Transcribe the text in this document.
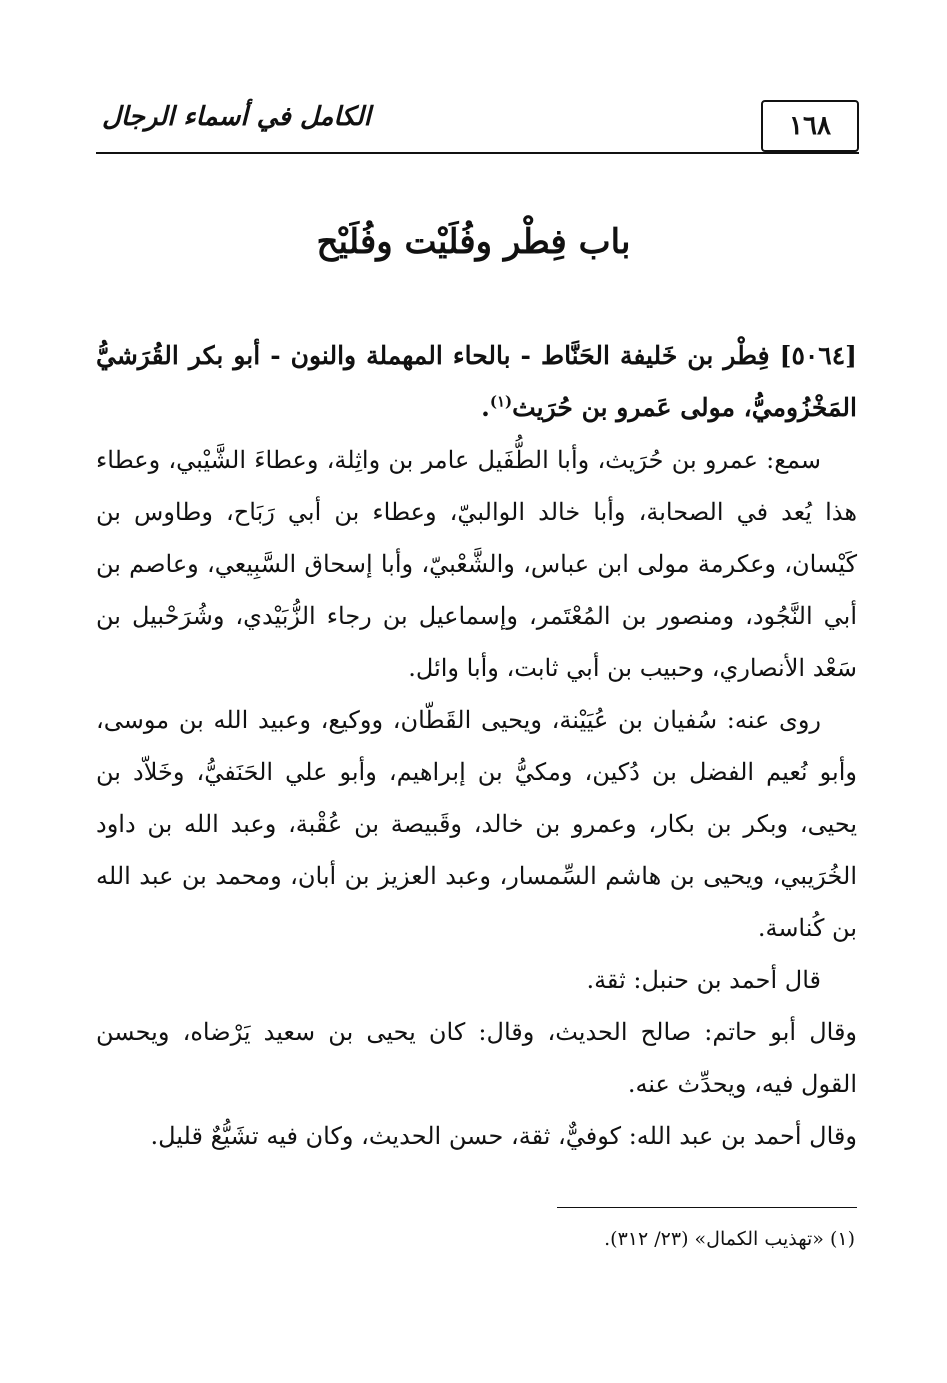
الكامل في أسماء الرجال	١٦٨
باب فِطْر وفُلَيْت وفُلَيْح

[٥٠٦٤] فِطْر بن خَليفة الحَنَّاط - بالحاء المهملة والنون - أبو بكر القُرَشيُّ المَخْزُوميُّ، مولى عَمرو بن حُرَيث$^{(١)}$.

سمع: عمرو بن حُرَيث، وأبا الطُّفَيل عامر بن واثِلة، وعطاءَ الشَّيْبي، وعطاء هذا يُعد في الصحابة، وأبا خالد الوالبيّ، وعطاء بن أبي رَبَاح، وطاوس بن كَيْسان، وعكرمة مولى ابن عباس، والشَّعْبيّ، وأبا إسحاق السَّبِيعي، وعاصم بن أبي النَّجُود، ومنصور بن المُعْتَمر، وإسماعيل بن رجاء الزُّبَيْدي، وشُرَحْبيل بن سَعْد الأنصاري، وحبيب بن أبي ثابت، وأبا وائل.

روى عنه: سُفيان بن عُيَيْنة، ويحيى القَطّان، ووكيع، وعبيد الله بن موسى، وأبو نُعيم الفضل بن دُكين، ومكيُّ بن إبراهيم، وأبو علي الحَنَفيُّ، وخَلاّد بن يحيى، وبكر بن بكار، وعمرو بن خالد، وقَبيصة بن عُقْبة، وعبد الله بن داود الخُرَيبي، ويحيى بن هاشم السِّمسار، وعبد العزيز بن أبان، ومحمد بن عبد الله بن كُناسة.

قال أحمد بن حنبل: ثقة.

وقال أبو حاتم: صالح الحديث، وقال: كان يحيى بن سعيد يَرْضاه، ويحسن القول فيه، ويحدِّث عنه.

وقال أحمد بن عبد الله: كوفيٌّ، ثقة، حسن الحديث، وكان فيه تشَيُّعٌ قليل.

(١) «تهذيب الكمال» (٢٣/ ٣١٢).
